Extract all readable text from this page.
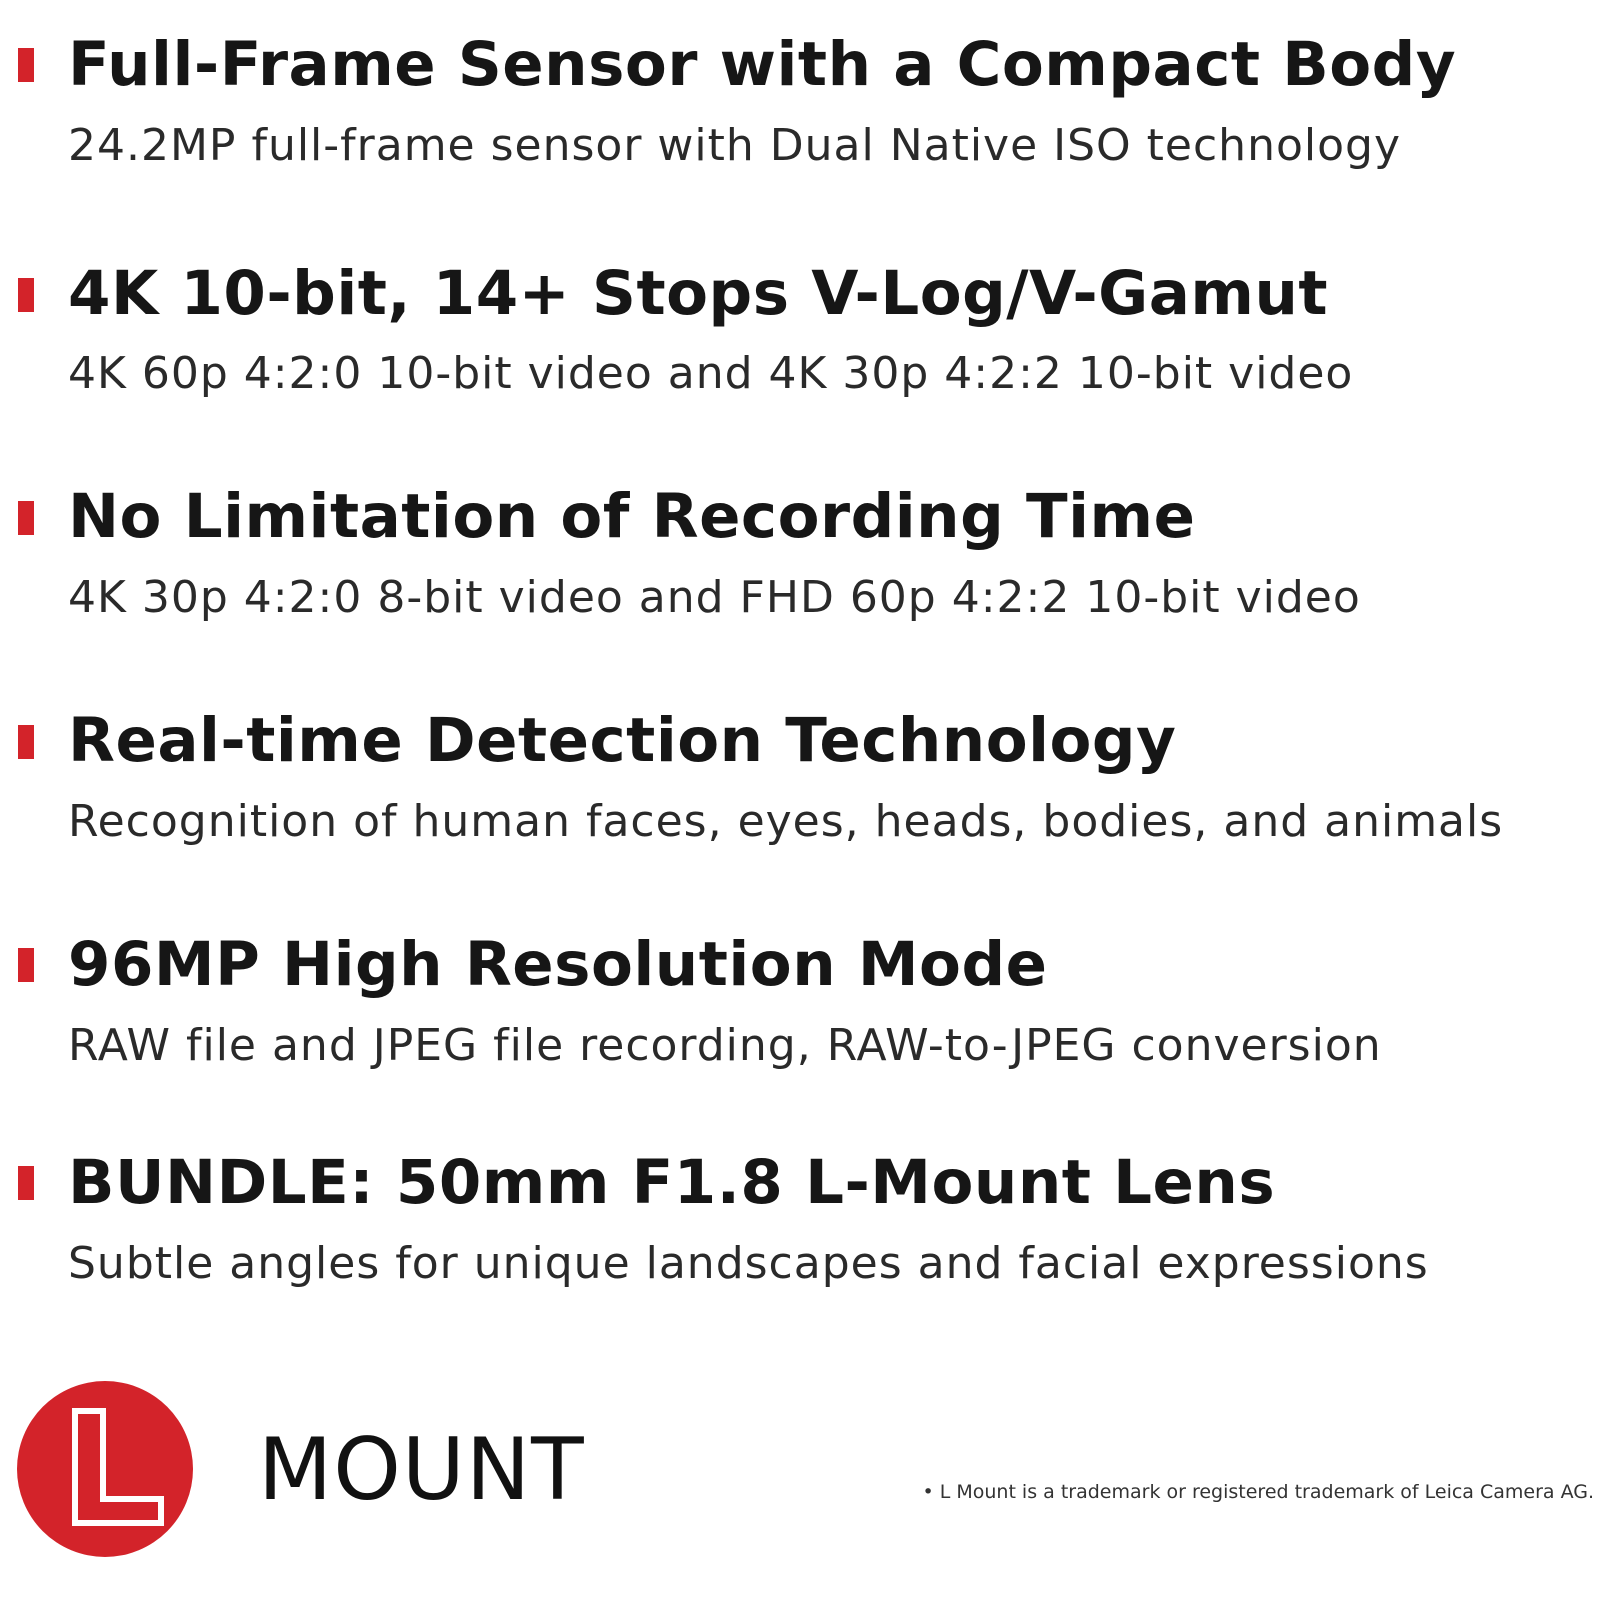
Full-Frame Sensor with a Compact Body
24.2MP full-frame sensor with Dual Native ISO technology
4K 10-bit, 14+ Stops V-Log/V-Gamut
4K 60p 4:2:0 10-bit video and 4K 30p 4:2:2 10-bit video
No Limitation of Recording Time
4K 30p 4:2:0 8-bit video and FHD 60p 4:2:2 10-bit video
Real-time Detection Technology
Recognition of human faces, eyes, heads, bodies, and animals
96MP High Resolution Mode
RAW file and JPEG file recording, RAW-to-JPEG conversion
BUNDLE: 50mm F1.8 L-Mount Lens
Subtle angles for unique landscapes and facial expressions
MOUNT	• L Mount is a trademark or registered trademark of Leica Camera AG.
